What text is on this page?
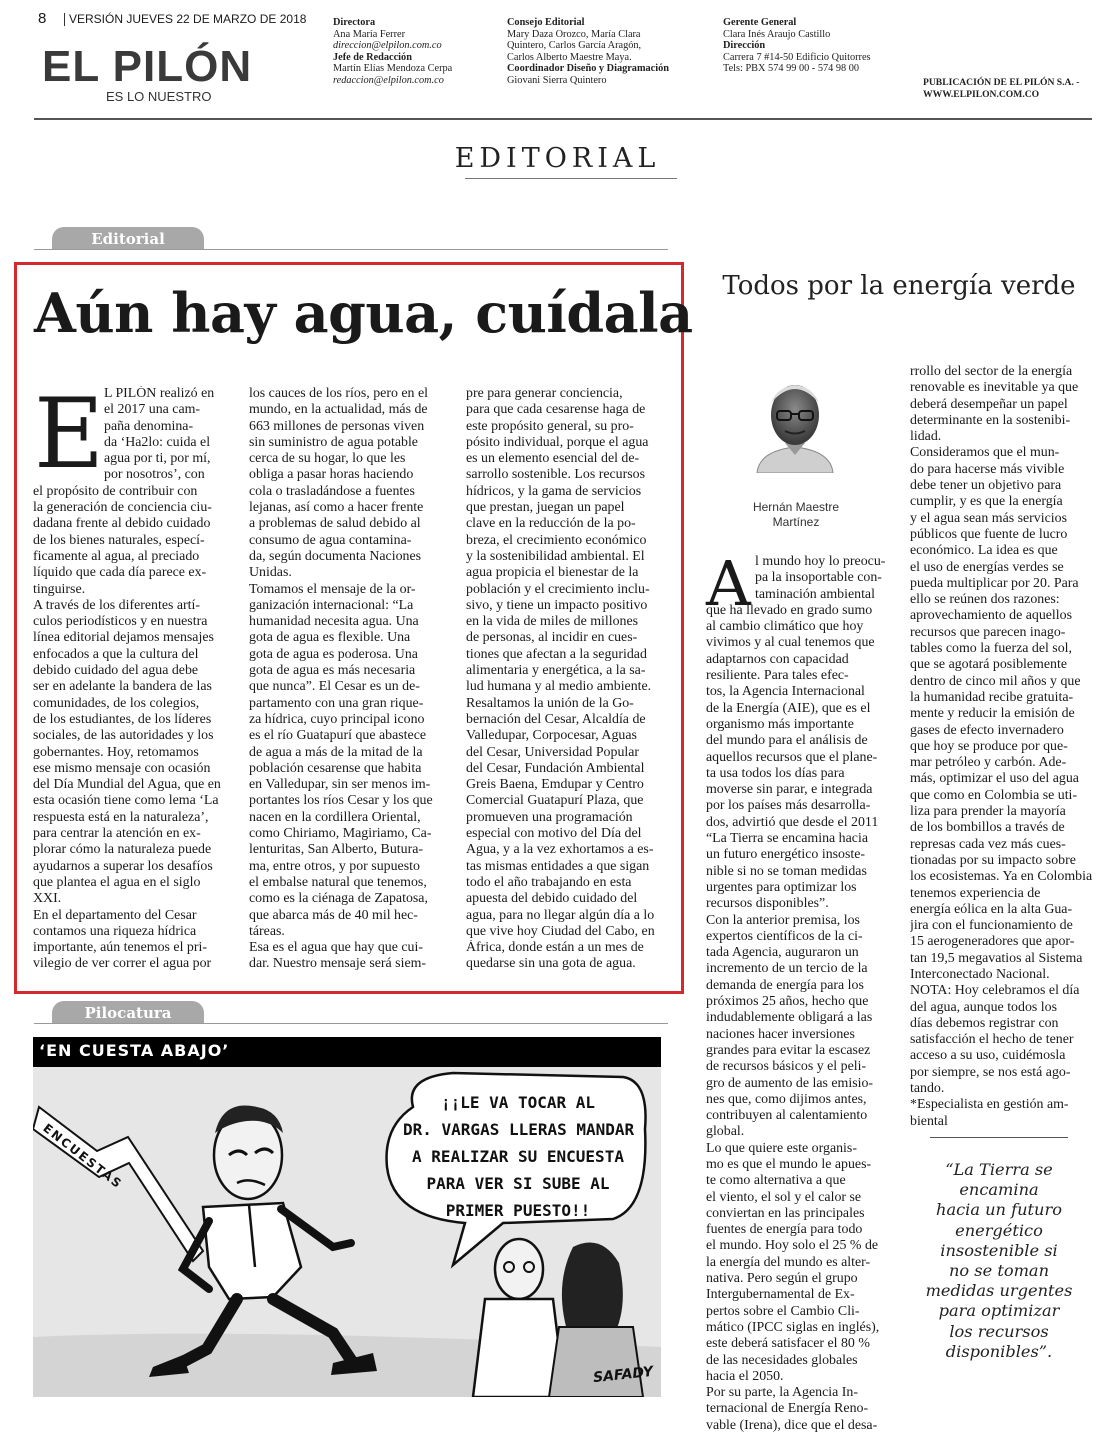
8	VERSIÓN JUEVES 22 DE MARZO DE 2018
EL PILÓN
ES LO NUESTRO
Directora
Ana María Ferrer
direccion@elpilon.com.co
Jefe de Redacción
Martín Elías Mendoza Cerpa
redaccion@elpilon.com.co
Consejo Editorial
Mary Daza Orozco, María Clara
Quintero, Carlos García Aragón,
Carlos Alberto Maestre Maya.
Coordinador Diseño y Diagramación
Giovani Sierra Quintero
Gerente General
Clara Inés Araujo Castillo
Dirección
Carrera 7 #14-50 Edificio Quitorres
Tels: PBX 574 99 00 - 574 98 00
PUBLICACIÓN DE EL PILÓN S.A. -
WWW.ELPILON.COM.CO
EDITORIAL
Editorial
Aún hay agua, cuídala
E L PILÓN realizó en
el 2017 una cam-
paña denomina-
da ‘Ha2lo: cuida el
agua por ti, por mí,
por nosotros’, con
el propósito de contribuir con
la generación de conciencia ciu-
dadana frente al debido cuidado
de los bienes naturales, especí-
ficamente al agua, al preciado
líquido que cada día parece ex-
tinguirse.
A través de los diferentes artí-
culos periodísticos y en nuestra
línea editorial dejamos mensajes
enfocados a que la cultura del
debido cuidado del agua debe
ser en adelante la bandera de las
comunidades, de los colegios,
de los estudiantes, de los líderes
sociales, de las autoridades y los
gobernantes. Hoy, retomamos
ese mismo mensaje con ocasión
del Día Mundial del Agua, que en
esta ocasión tiene como lema ‘La
respuesta está en la naturaleza’,
para centrar la atención en ex-
plorar cómo la naturaleza puede
ayudarnos a superar los desafíos
que plantea el agua en el siglo
XXI.
En el departamento del Cesar
contamos una riqueza hídrica
importante, aún tenemos el pri-
vilegio de ver correr el agua por
los cauces de los ríos, pero en el
mundo, en la actualidad, más de
663 millones de personas viven
sin suministro de agua potable
cerca de su hogar, lo que les
obliga a pasar horas haciendo
cola o trasladándose a fuentes
lejanas, así como a hacer frente
a problemas de salud debido al
consumo de agua contamina-
da, según documenta Naciones
Unidas.
Tomamos el mensaje de la or-
ganización internacional: “La
humanidad necesita agua. Una
gota de agua es flexible. Una
gota de agua es poderosa. Una
gota de agua es más necesaria
que nunca”. El Cesar es un de-
partamento con una gran rique-
za hídrica, cuyo principal icono
es el río Guatapurí que abastece
de agua a más de la mitad de la
población cesarense que habita
en Valledupar, sin ser menos im-
portantes los ríos Cesar y los que
nacen en la cordillera Oriental,
como Chiriamo, Magiriamo, Ca-
lenturitas, San Alberto, Buturа-
ma, entre otros, y por supuesto
el embalse natural que tenemos,
como es la ciénaga de Zapatosa,
que abarca más de 40 mil hec-
táreas.
Esa es el agua que hay que cui-
dar. Nuestro mensaje será siem-
pre para generar conciencia,
para que cada cesarense haga de
este propósito general, su pro-
pósito individual, porque el agua
es un elemento esencial del de-
sarrollo sostenible. Los recursos
hídricos, y la gama de servicios
que prestan, juegan un papel
clave en la reducción de la po-
breza, el crecimiento económico
y la sostenibilidad ambiental. El
agua propicia el bienestar de la
población y el crecimiento inclu-
sivo, y tiene un impacto positivo
en la vida de miles de millones
de personas, al incidir en cues-
tiones que afectan a la seguridad
alimentaria y energética, a la sa-
lud humana y al medio ambiente.
Resaltamos la unión de la Go-
bernación del Cesar, Alcaldía de
Valledupar, Corpocesar, Aguas
del Cesar, Universidad Popular
del Cesar, Fundación Ambiental
Greis Baena, Emdupar y Centro
Comercial Guatapurí Plaza, que
promueven una programación
especial con motivo del Día del
Agua, y a la vez exhortamos a es-
tas mismas entidades a que sigan
todo el año trabajando en esta
apuesta del debido cuidado del
agua, para no llegar algún día a lo
que vive hoy Ciudad del Cabo, en
África, donde están a un mes de
quedarse sin una gota de agua.
Todos por la energía verde
Hernán Maestre
Martínez
A l mundo hoy lo preocu-
pa la insoportable con-
taminación ambiental
que ha llevado en grado sumo
al cambio climático que hoy
vivimos y al cual tenemos que
adaptarnos con capacidad
resiliente. Para tales efec-
tos, la Agencia Internacional
de la Energía (AIE), que es el
organismo más importante
del mundo para el análisis de
aquellos recursos que el plane-
ta usa todos los días para
moverse sin parar, e integrada
por los países más desarrolla-
dos, advirtió que desde el 2011
“La Tierra se encamina hacia
un futuro energético insoste-
nible si no se toman medidas
urgentes para optimizar los
recursos disponibles”.
Con la anterior premisa, los
expertos científicos de la ci-
tada Agencia, auguraron un
incremento de un tercio de la
demanda de energía para los
próximos 25 años, hecho que
indudablemente obligará a las
naciones hacer inversiones
grandes para evitar la escasez
de recursos básicos y el peli-
gro de aumento de las emisio-
nes que, como dijimos antes,
contribuyen al calentamiento
global.
Lo que quiere este organis-
mo es que el mundo le apues-
te como alternativa a que
el viento, el sol y el calor se
conviertan en las principales
fuentes de energía para todo
el mundo. Hoy solo el 25 % de
la energía del mundo es alter-
nativa. Pero según el grupo
Intergubernamental de Ex-
pertos sobre el Cambio Cli-
mático (IPCC siglas en inglés),
este deberá satisfacer el 80 %
de las necesidades globales
hacia el 2050.
Por su parte, la Agencia In-
ternacional de Energía Reno-
vable (Irena), dice que el desa-
rrollo del sector de la energía
renovable es inevitable ya que
deberá desempeñar un papel
determinante en la sostenibi-
lidad.
Consideramos que el mun-
do para hacerse más vivible
debe tener un objetivo para
cumplir, y es que la energía
y el agua sean más servicios
públicos que fuente de lucro
económico. La idea es que
el uso de energías verdes se
pueda multiplicar por 20. Para
ello se reúnen dos razones:
aprovechamiento de aquellos
recursos que parecen inago-
tables como la fuerza del sol,
que se agotará posiblemente
dentro de cinco mil años y que
la humanidad recibe gratuita-
mente y reducir la emisión de
gases de efecto invernadero
que hoy se produce por que-
mar petróleo y carbón. Ade-
más, optimizar el uso del agua
que como en Colombia se uti-
liza para prender la mayoría
de los bombillos a través de
represas cada vez más cues-
tionadas por su impacto sobre
los ecosistemas. Ya en Colombia
tenemos experiencia de
energía eólica en la alta Gua-
jira con el funcionamiento de
15 aerogeneradores que apor-
tan 19,5 megavatios al Sistema
Interconectado Nacional.
NOTA: Hoy celebramos el día
del agua, aunque todos los
días debemos registrar con
satisfacción el hecho de tener
acceso a su uso, cuidémosla
por siempre, se nos está ago-
tando.
*Especialista en gestión am-
biental
“La Tierra se
encamina
hacia un futuro
energético
insostenible si
no se toman
medidas urgentes
para optimizar
los recursos
disponibles”.
Pilocatura
‘EN CUESTA ABAJO’
¡¡LE VA TOCAR AL
DR. VARGAS LLERAS MANDAR
A REALIZAR SU ENCUESTA
PARA VER SI SUBE AL
PRIMER PUESTO!!
ENCUESTAS
SAFADY
